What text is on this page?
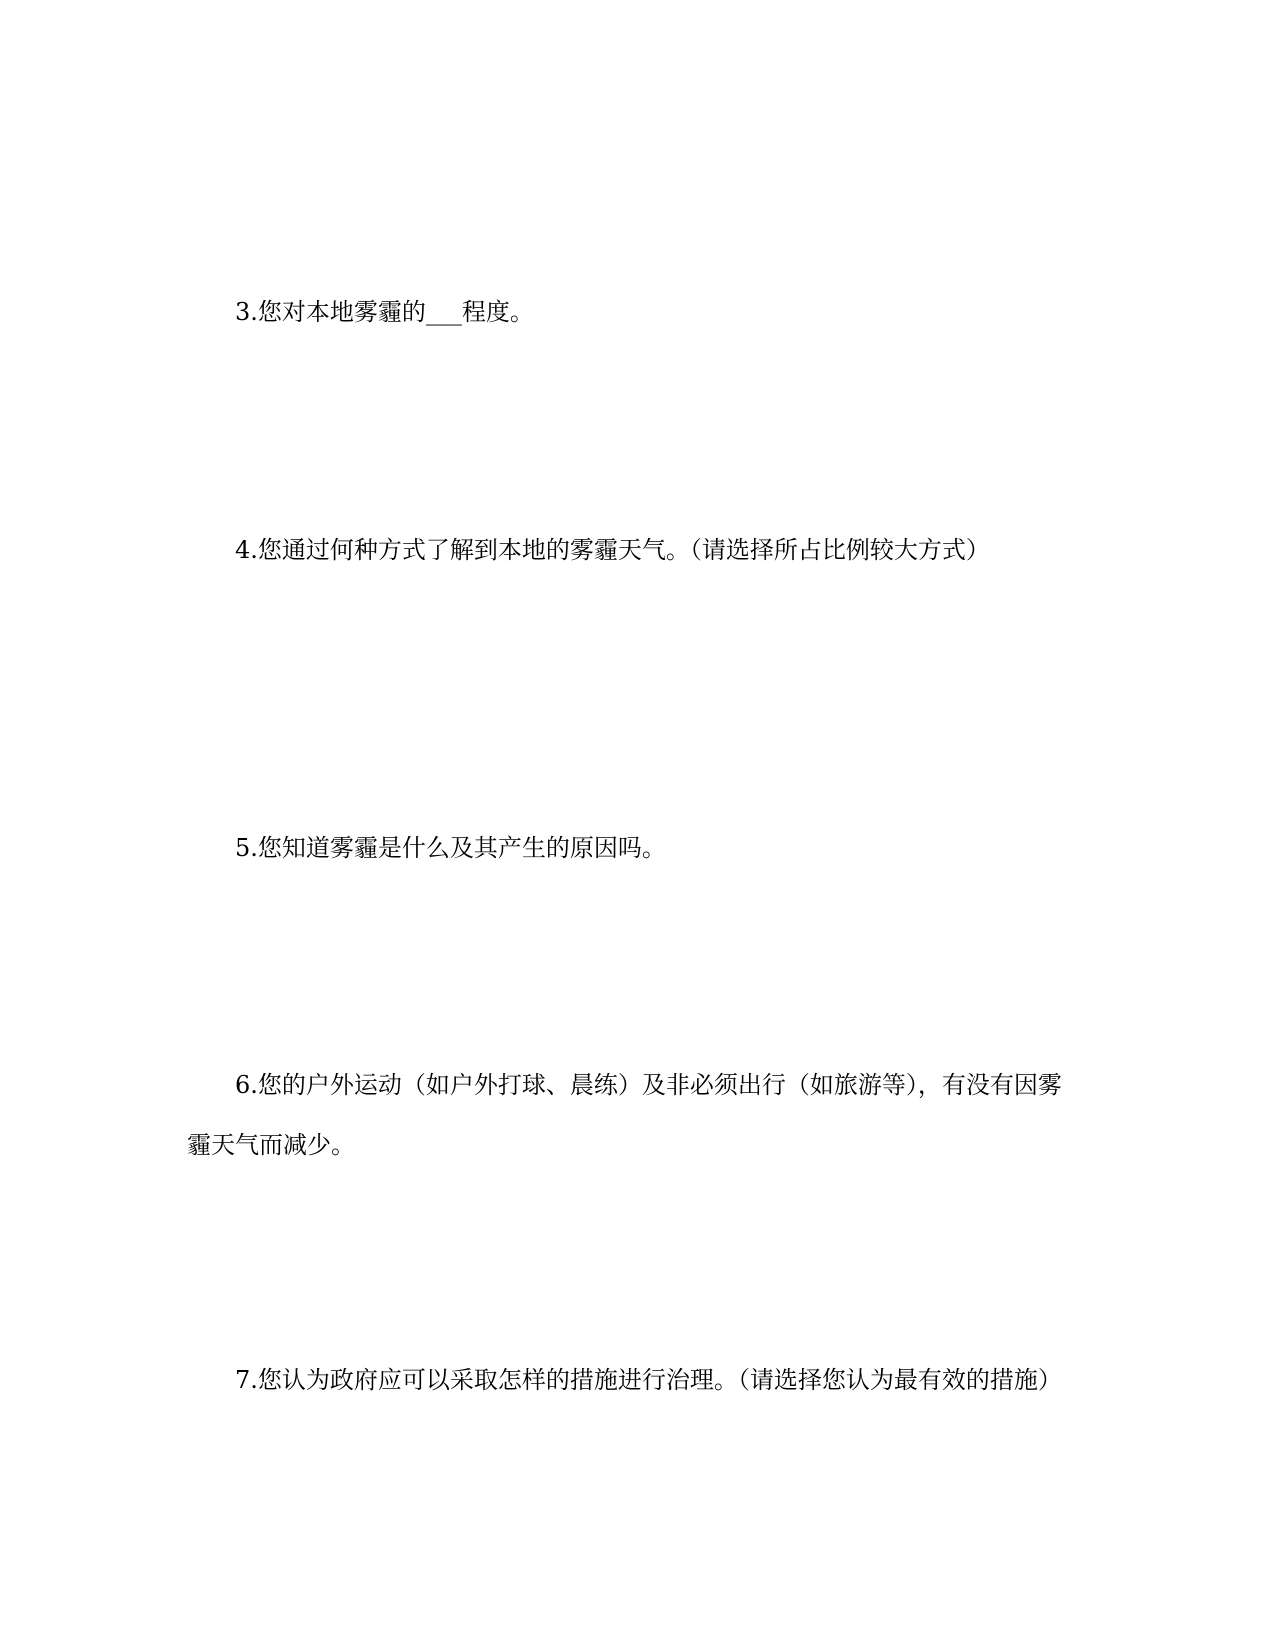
3.您对本地雾霾的___程度。

4.您通过何种方式了解到本地的雾霾天气。（请选择所占比例较大方式）

5.您知道雾霾是什么及其产生的原因吗。

6.您的户外运动（如户外打球、晨练）及非必须出行（如旅游等），有没有因雾霾天气而减少。

7.您认为政府应可以采取怎样的措施进行治理。（请选择您认为最有效的措施）
